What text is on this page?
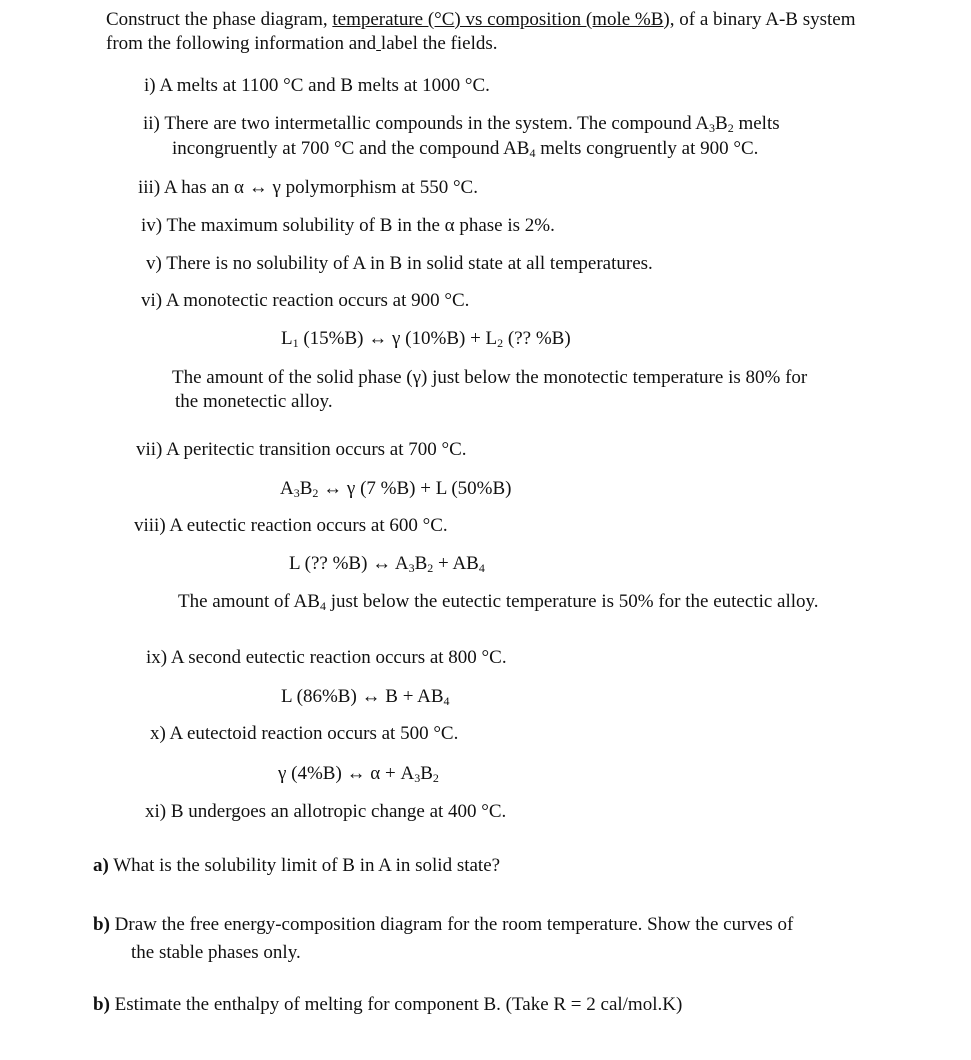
Construct the phase diagram, temperature (°C) vs composition (mole %B), of a binary A-B system
from the following information and label the fields.
i) A melts at 1100 °C and B melts at 1000 °C.
ii) There are two intermetallic compounds in the system. The compound $A_3B_2$ melts
incongruently at 700 °C and the compound $AB_4$ melts congruently at 900 °C.
iii) A has an α ↔ γ polymorphism at 550 °C.
iv) The maximum solubility of B in the α phase is 2%.
v) There is no solubility of A in B in solid state at all temperatures.
vi) A monotectic reaction occurs at 900 °C.
$L_1$ (15%B) ↔ γ $(10\%B) + L_2$ (?? %B)
The amount of the solid phase (γ) just below the monotectic temperature is 80% for
the monetectic alloy.
vii) A peritectic transition occurs at 700 °C.
$A_3B_2$ ↔ γ (7 %B) + L (50%B)
viii) A eutectic reaction occurs at 600 °C.
L (?? %B) ↔ $A_3B_2 + AB_4$
The amount of $AB_4$ just below the eutectic temperature is 50% for the eutectic alloy.
ix) A second eutectic reaction occurs at 800 °C.
L (86%B) ↔ $B + AB_4$
x) A eutectoid reaction occurs at 500 °C.
γ (4%B) ↔ $\alpha + A_3B_2$
xi) B undergoes an allotropic change at 400 °C.
a) What is the solubility limit of B in A in solid state?
b) Draw the free energy-composition diagram for the room temperature. Show the curves of
the stable phases only.
b) Estimate the enthalpy of melting for component B. (Take R = 2 cal/mol.K)
